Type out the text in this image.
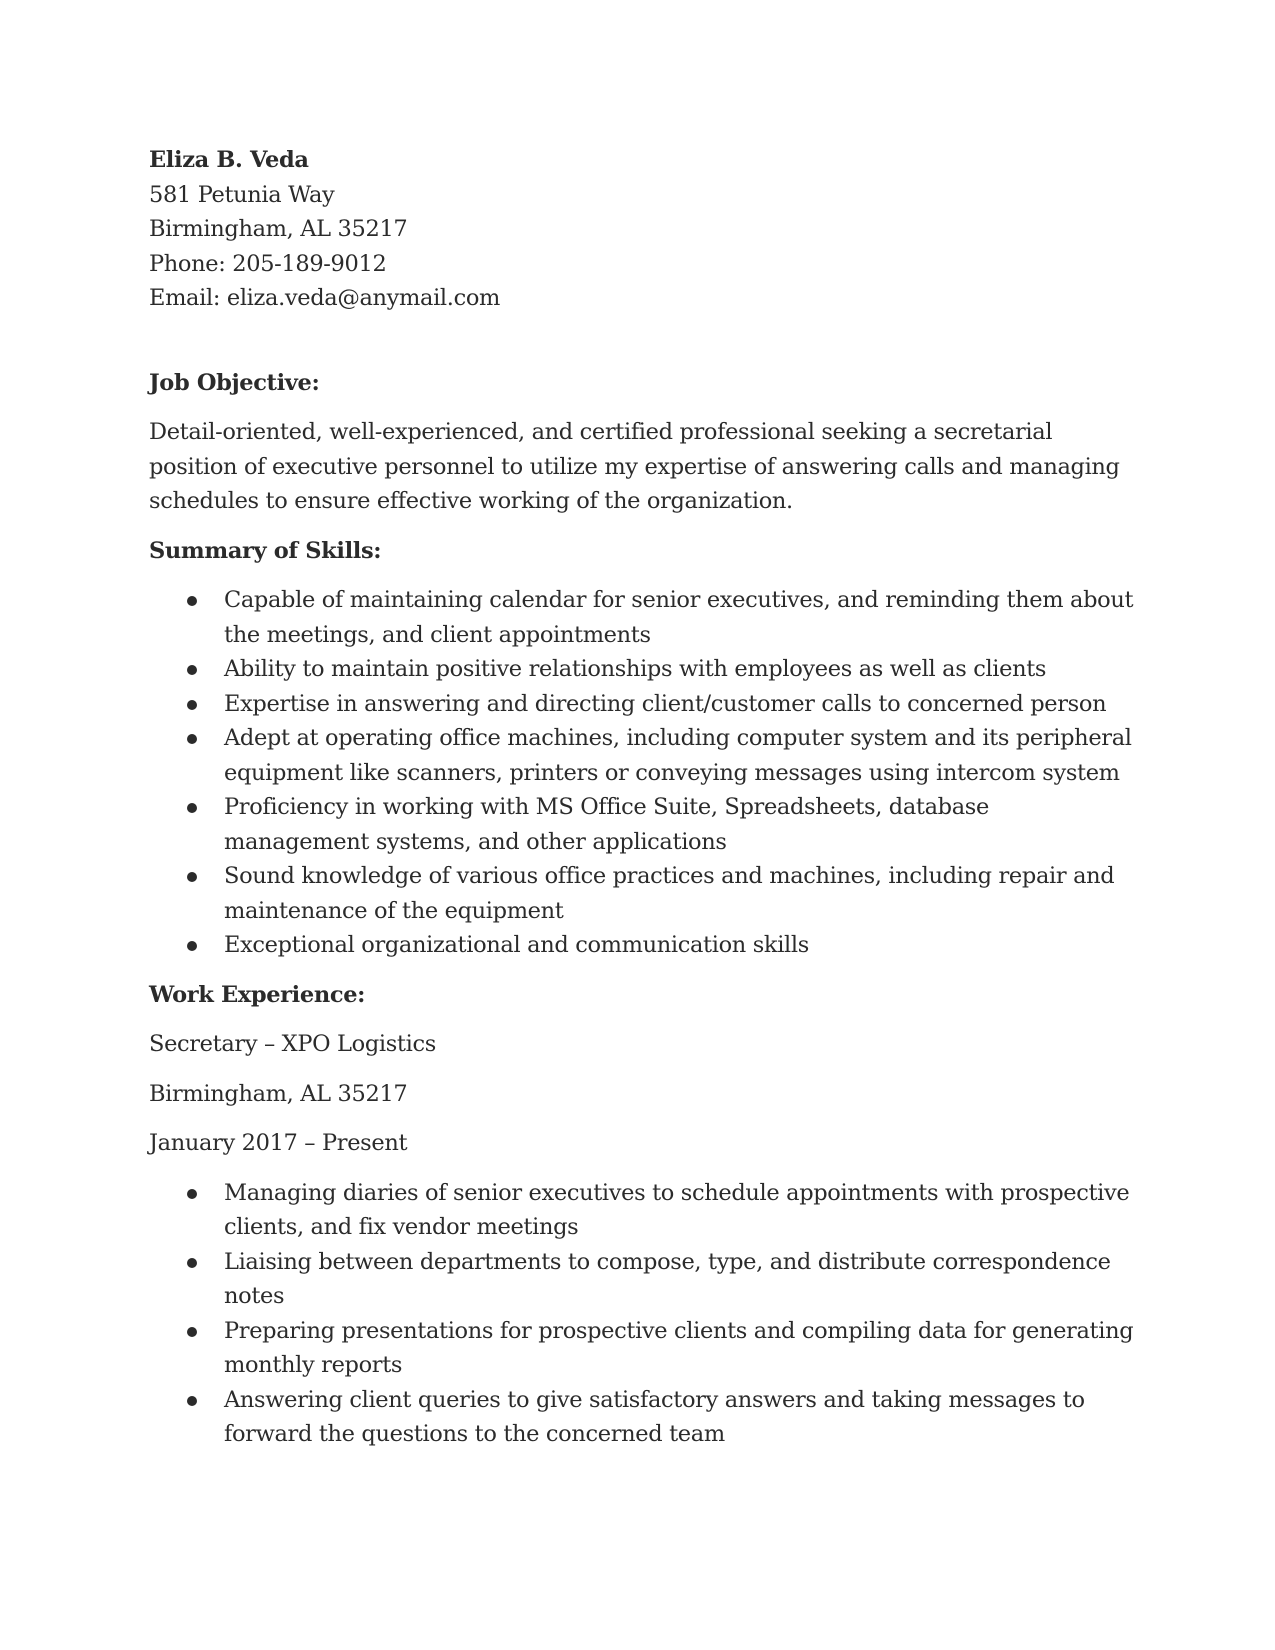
Eliza B. Veda
581 Petunia Way
Birmingham, AL 35217
Phone: 205-189-9012
Email: eliza.veda@anymail.com
Job Objective:
Detail-oriented, well-experienced, and certified professional seeking a secretarial
position of executive personnel to utilize my expertise of answering calls and managing
schedules to ensure effective working of the organization.
Summary of Skills:
Capable of maintaining calendar for senior executives, and reminding them about
the meetings, and client appointments
Ability to maintain positive relationships with employees as well as clients
Expertise in answering and directing client/customer calls to concerned person
Adept at operating office machines, including computer system and its peripheral
equipment like scanners, printers or conveying messages using intercom system
Proficiency in working with MS Office Suite, Spreadsheets, database
management systems, and other applications
Sound knowledge of various office practices and machines, including repair and
maintenance of the equipment
Exceptional organizational and communication skills
Work Experience:
Secretary – XPO Logistics
Birmingham, AL 35217
January 2017 – Present
Managing diaries of senior executives to schedule appointments with prospective
clients, and fix vendor meetings
Liaising between departments to compose, type, and distribute correspondence
notes
Preparing presentations for prospective clients and compiling data for generating
monthly reports
Answering client queries to give satisfactory answers and taking messages to
forward the questions to the concerned team
